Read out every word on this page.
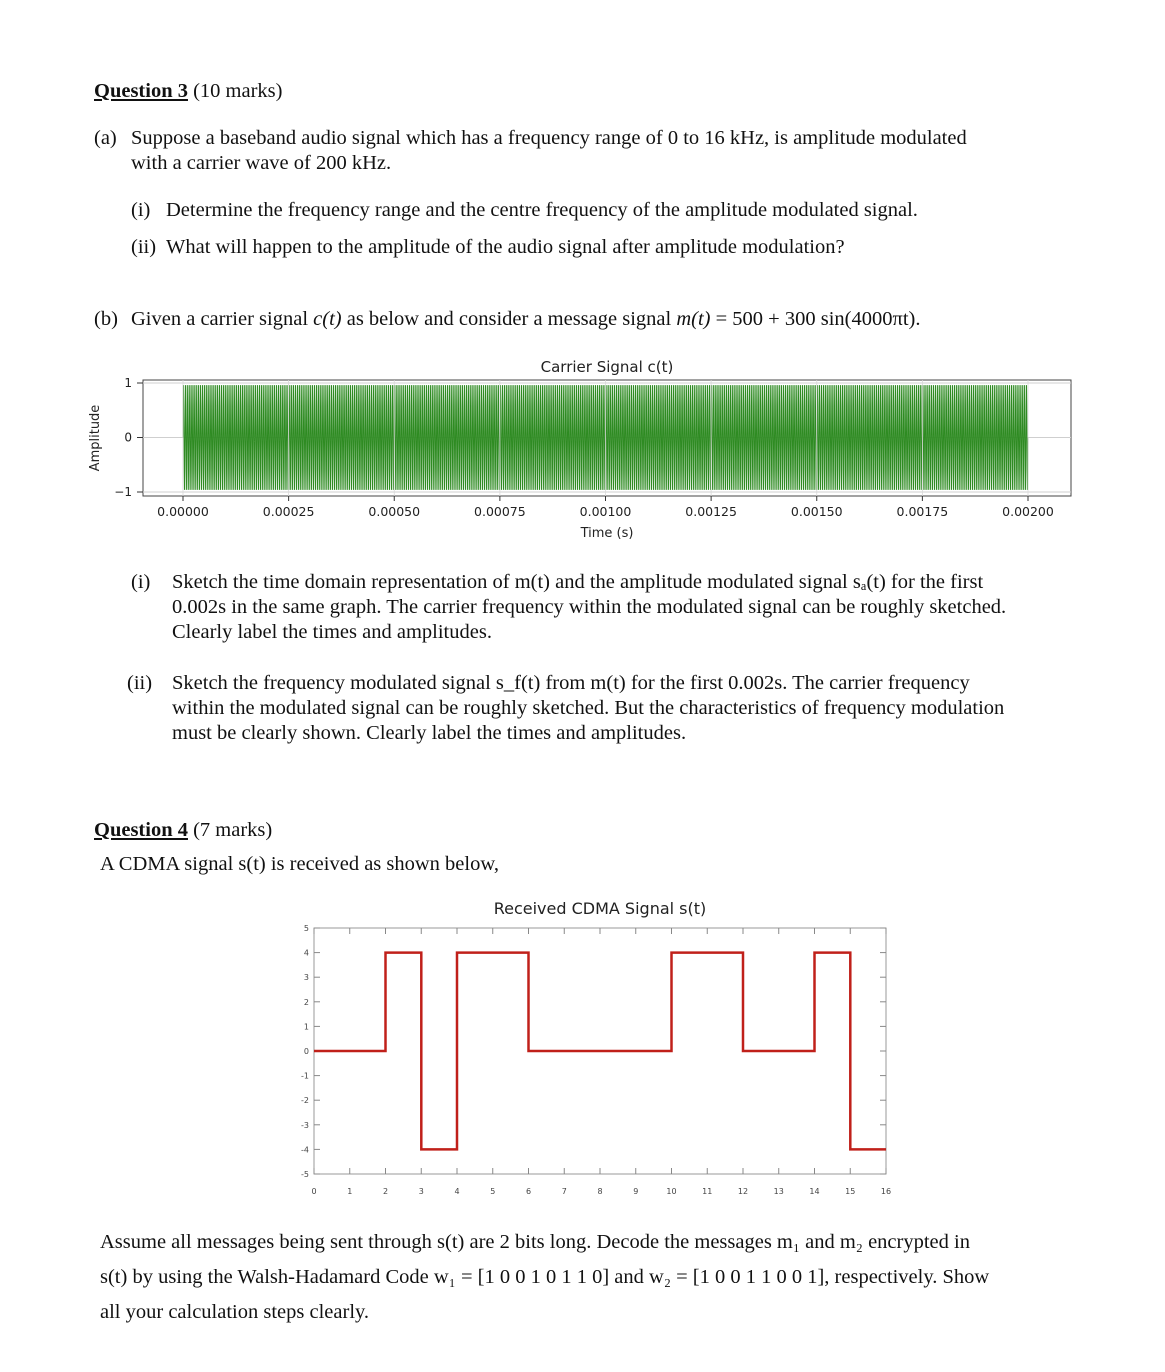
Question 3 (10 marks)
(a) Suppose a baseband audio signal which has a frequency range of 0 to 16 kHz, is amplitude modulated
with a carrier wave of 200 kHz.
(i) Determine the frequency range and the centre frequency of the amplitude modulated signal.
(ii) What will happen to the amplitude of the audio signal after amplitude modulation?
(b) Given a carrier signal c(t) as below and consider a message signal m(t) = 500 + 300 sin(4000πt).
Carrier Signal c(t)
Amplitude
1
0
−1
0.00000	0.00025	0.00050	0.00075	0.00100	0.00125	0.00150	0.00175	0.00200
Time (s)
(i) Sketch the time domain representation of m(t) and the amplitude modulated signal sₐ(t) for the first
0.002s in the same graph. The carrier frequency within the modulated signal can be roughly sketched.
Clearly label the times and amplitudes.
(ii) Sketch the frequency modulated signal s_f(t) from m(t) for the first 0.002s. The carrier frequency
within the modulated signal can be roughly sketched. But the characteristics of frequency modulation
must be clearly shown. Clearly label the times and amplitudes.
Question 4 (7 marks)
A CDMA signal s(t) is received as shown below,
Received CDMA Signal s(t)
5
4
3
2
1
0
-1
-2
-3
-4
-5
0	1	2	3	4	5	6	7	8	9	10	11	12	13	14	15	16
Assume all messages being sent through s(t) are 2 bits long. Decode the messages m₁ and m₂ encrypted in
s(t) by using the Walsh-Hadamard Code w₁ = [1 0 0 1 0 1 1 0] and w₂ = [1 0 0 1 1 0 0 1], respectively. Show
all your calculation steps clearly.
